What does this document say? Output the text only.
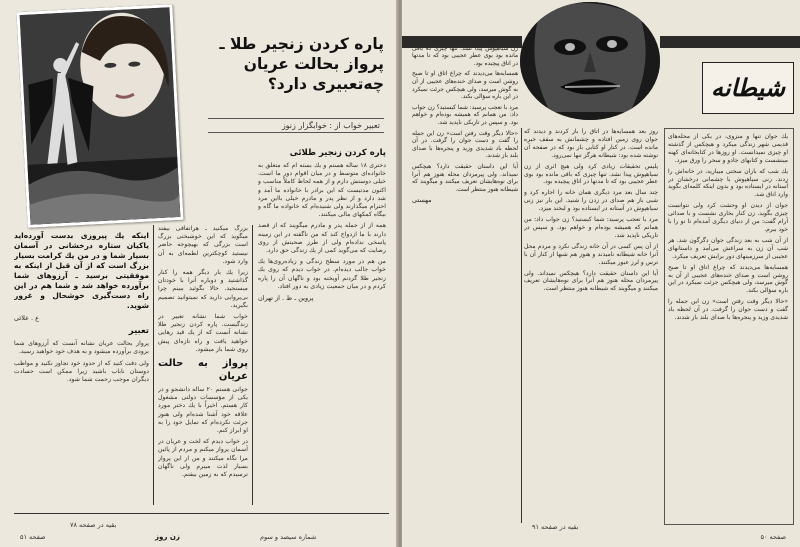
پاره کردن زنجیر طلا ـ
پرواز بحالت عریان
چه‌تعبیری دارد؟
تعبیر خواب از : خوابگزار زنوز

پاره کردن زنجیر طلائی

دختری ۱۸ ساله هستم و یك بسته ام که متعلق به خانواده‌ای متوسط و در میان اقوام دور ما است. خیلی دوستش دارم و از همه لحاظ کاملاً مناسب و اکنون مدتیست که این برادر با خانواده ما آمد و شد دارد و از نظر پدر و مادرم خیلی بااین مرد احترام میگذارند ولی شنیده‌ام که خانواده ما گاه و بیگاه کمکهای مالی میکنند.

همه از از جمله پدر و مادرم میگویند که از قصد دارند با ما ازدواج کند که من ناگفته در این زمینه پاسخی نداده‌ام ولی از طرز صحبتش از روی رضایت که می‌گوید کمی از یك زندگی حق دارد.

من هم در مورد سطح زندگی و زیاده‌روی‌ها یك خواب جالب دیده‌ام. در خواب دیدم که روی یك زنجیر طلا گردنم آویخته بود و ناگهان آن را پاره کردم و در میان جمعیت زیادی به دور افتاد.

پروین ـ ظ . از تهران

بزرگ میکنید ـ هراتفاقی بیفتد میگوید که این خوشبختی بزرگ است بزرگی که بهیچوجه حاضر نیستید کوچکترین لطمه‌ای به آن وارد شود.

زیرا یك بار دیگر همه را کنار گذاشتید و دوباره آنرا با خودتان میسنجید. حالا بگوئید ببینم چرا بی‌پروایی دارید که نمیتوانید تصمیم بگیرید.

خواب شما نشانه تغییر در زندگیست. پاره کردن زنجیر طلا نشانه آنست که از یك قید رهایی خواهید یافت و راه تازه‌ای پیش روی شما باز میشود.

پرواز به حالت عریان

جوانی هستم ۲۰ ساله دانشجو و در یکی از مؤسسات دولتی مشغول کار هستم. اخیراً با یك دختر مورد علاقه خود آشنا شده‌ام ولی هنوز جرئت نکرده‌ام که تمایل خود را به او ابراز کنم.

در خواب دیدم که لخت و عریان در آسمان پرواز میکنم و مردم از پائین مرا نگاه میکنند و من از این پرواز بسیار لذت میبرم ولی ناگهان ترسیدم که به زمین بیفتم.

اینکه یك پیروزی بدست آورده‌اید یاکیان ستاره درخشانی در آسمان بسیار شما و در من یك کرامت بسیار بزرگ است که از آن قبل از اینکه به موفقیتی برسید ـ آرزوهای شما برآورده خواهد شد و شما هم در این راه دست‌گیری خوشحال و غرور شوید.

ع . علائی

تعبیر

پرواز بحالت عریان نشانه آنست که آرزوهای شما بزودی برآورده میشود و به هدف خود خواهید رسید.

ولی دقت کنید که از حدود خود تجاوز نکنید و مواظب دوستان ناباب باشید زیرا ممکن است حسادت دیگران موجب زحمت شما شود.

صفحه ۵۱
بقیه در صفحه ۷۸
زن روز	شماره سیصد و سوم
شیطانه

یك جوان تنها و منزوی، در یکی از محله‌های قدیمی شهر زندگی میکرد و هیچکس از گذشته او چیزی نمیدانست. او روزها در کتابخانه‌ای کهنه مینشست و کتابهای جادو و سحر را ورق میزد.

یك شب که باران سختی میبارید، در خانه‌اش را زدند. زنی سیاهپوش با چشمانی درخشان در آستانه در ایستاده بود و بدون اینکه کلمه‌ای بگوید وارد اتاق شد.

جوان از دیدن او وحشت کرد ولی نتوانست چیزی بگوید. زن کنار بخاری نشست و با صدائی آرام گفت: من از دنیای دیگری آمده‌ام تا تو را با خود ببرم.

از آن شب به بعد زندگی جوان دگرگون شد. هر شب آن زن به سراغش می‌آمد و داستانهای عجیبی از سرزمینهای دور برایش تعریف میکرد.

همسایه‌ها می‌دیدند که چراغ اتاق او تا صبح روشن است و صدای خنده‌های عجیبی از آن به گوش میرسد، ولی هیچکس جرئت نمیکرد در این باره سؤالی بکند.

«حالا دیگر وقت رفتن است» زن این جمله را گفت و دست جوان را گرفت. در آن لحظه باد شدیدی وزید و پنجره‌ها با صدای بلند باز شدند.

روز بعد همسایه‌ها در اتاق را باز کردند و دیدند که جوان روی زمین افتاده و چشمانش به سقف خیره مانده است. در کنار او کتابی باز بود که در صفحه آن نوشته شده بود: شیطانه هرگز تنها نمی‌رود.

پلیس تحقیقات زیادی کرد ولی هیچ اثری از زن سیاهپوش پیدا نشد. تنها چیزی که باقی مانده بود بوی عطر عجیبی بود که تا مدتها در اتاق پیچیده بود.

چند سال بعد مرد دیگری همان خانه را اجاره کرد و شبی باز هم صدای در زدن را شنید. این بار نیز زنی سیاهپوش در آستانه در ایستاده بود و لبخند میزد.

مرد با تعجب پرسید: شما کیستید؟ زن جواب داد: من همانم که همیشه بوده‌ام و خواهم بود. و سپس در تاریکی ناپدید شد.

از آن پس کسی در آن خانه زندگی نکرد و مردم محل آنرا خانه شیطانه نامیدند و هنوز هم شبها از کنار آن با ترس و لرز عبور میکنند.

آیا این داستان حقیقت دارد؟ هیچکس نمیداند. ولی پیرمردان محله هنوز هم آنرا برای نوه‌هایشان تعریف میکنند و میگویند که شیطانه هنوز منتظر است.

پلیس تحقیقات زیادی کرد ولی هیچ اثری از زن سیاهپوش پیدا نشد. تنها چیزی که باقی مانده بود بوی عطر عجیبی بود که تا مدتها در اتاق پیچیده بود.

همسایه‌ها می‌دیدند که چراغ اتاق او تا صبح روشن است و صدای خنده‌های عجیبی از آن به گوش میرسد، ولی هیچکس جرئت نمیکرد در این باره سؤالی بکند.

مرد با تعجب پرسید: شما کیستید؟ زن جواب داد: من همانم که همیشه بوده‌ام و خواهم بود. و سپس در تاریکی ناپدید شد.

«حالا دیگر وقت رفتن است» زن این جمله را گفت و دست جوان را گرفت. در آن لحظه باد شدیدی وزید و پنجره‌ها با صدای بلند باز شدند.

آیا این داستان حقیقت دارد؟ هیچکس نمیداند. ولی پیرمردان محله هنوز هم آنرا برای نوه‌هایشان تعریف میکنند و میگویند که شیطانه هنوز منتظر است.

مهستی

بقیه در صفحه ۹۱
صفحه ۵۰
